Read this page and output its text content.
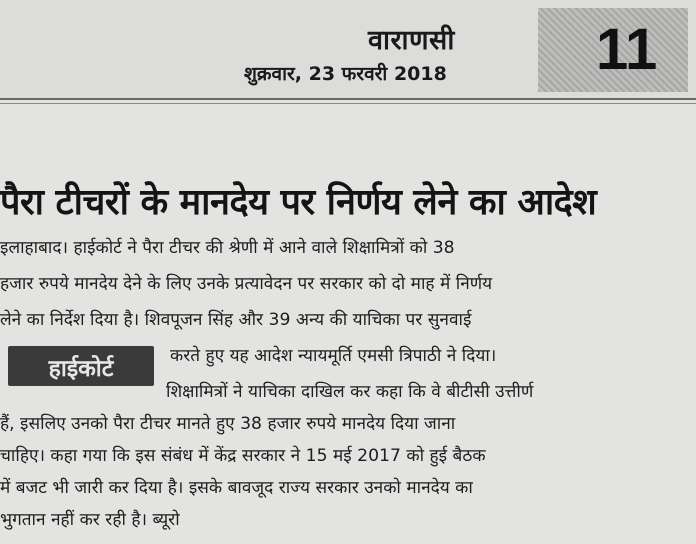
वाराणसी
शुक्रवार, 23 फरवरी 2018	11
पैरा टीचरों के मानदेय पर निर्णय लेने का आदेश
इलाहाबाद। हाईकोर्ट ने पैरा टीचर की श्रेणी में आने वाले शिक्षामित्रों को 38
हजार रुपये मानदेय देने के लिए उनके प्रत्यावेदन पर सरकार को दो माह में निर्णय
लेने का निर्देश दिया है। शिवपूजन सिंह और 39 अन्य की याचिका पर सुनवाई
हाईकोर्ट	करते हुए यह आदेश न्यायमूर्ति एमसी त्रिपाठी ने दिया।
शिक्षामित्रों ने याचिका दाखिल कर कहा कि वे बीटीसी उत्तीर्ण
हैं, इसलिए उनको पैरा टीचर मानते हुए 38 हजार रुपये मानदेय दिया जाना
चाहिए। कहा गया कि इस संबंध में केंद्र सरकार ने 15 मई 2017 को हुई बैठक
में बजट भी जारी कर दिया है। इसके बावजूद राज्य सरकार उनको मानदेय का
भुगतान नहीं कर रही है। ब्यूरो
